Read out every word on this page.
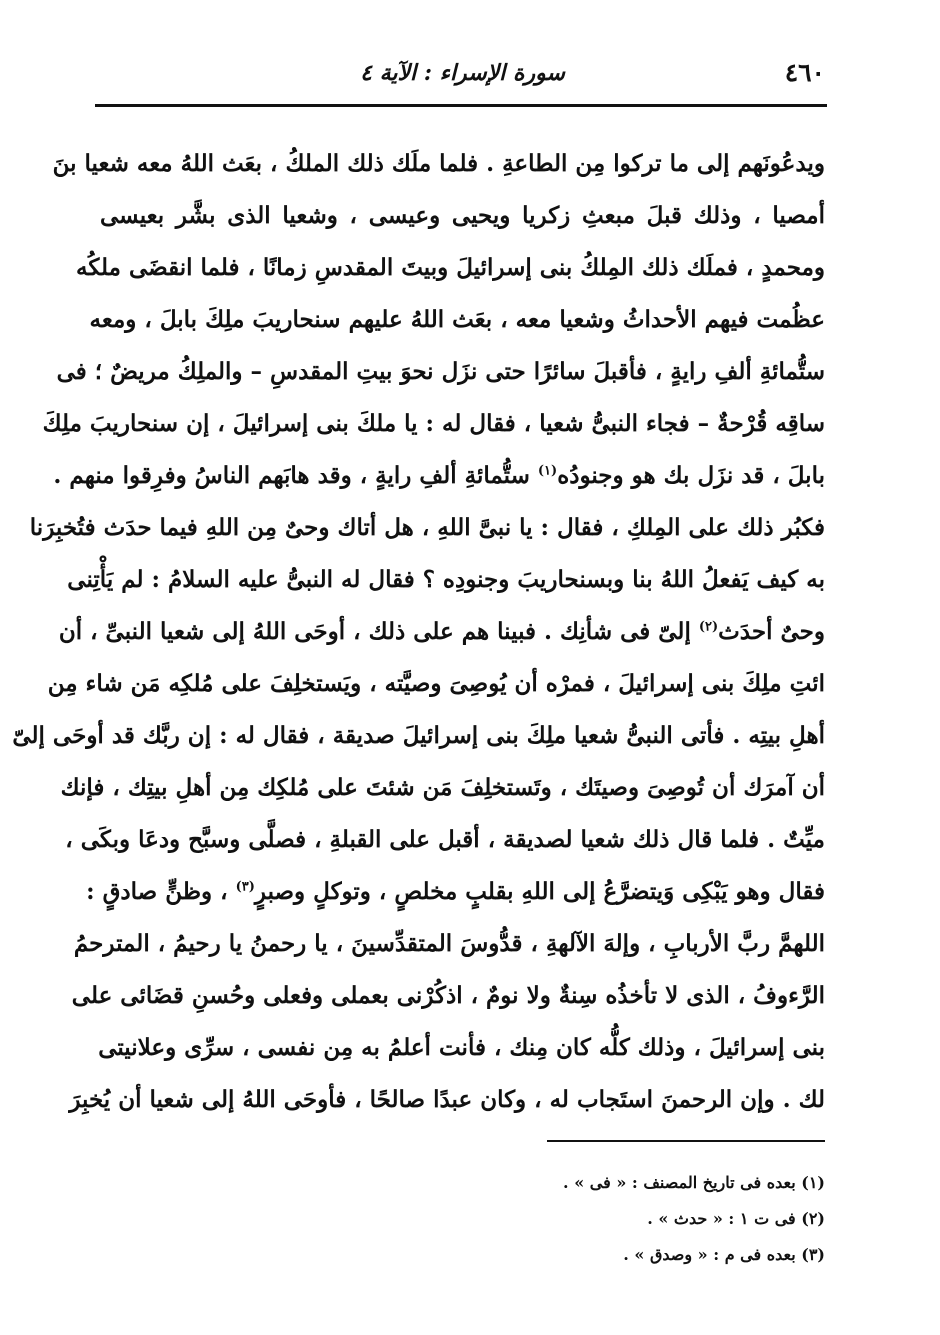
٤٦٠
سورة الإسراء : الآية ٤
ويدعُونَهم إلى ما تركوا مِن الطاعةِ . فلما ملَك ذلك الملكُ ، بعَث اللهُ معه شعيا بنَ
أمصيا ، وذلك قبلَ مبعثِ زكريا ويحيى وعيسى ، وشعيا الذى بشَّر بعيسى
ومحمدٍ ، فملَك ذلك المِلكُ بنى إسرائيلَ وبيتَ المقدسِ زمانًا ، فلما انقضَى ملكُه
عظُمت فيهم الأحداثُ وشعيا معه ، بعَث اللهُ عليهم سنحاريبَ ملِكَ بابلَ ، ومعه
ستُّمائةِ ألفِ رايةٍ ، فأقبلَ سائرًا حتى نزَل نحوَ بيتِ المقدسِ – والملِكُ مريضٌ ؛ فى
ساقِه قُرْحةٌ – فجاء النبىُّ شعيا ، فقال له : يا ملكَ بنى إسرائيلَ ، إن سنحاريبَ ملِكَ
بابلَ ، قد نزَل بك هو وجنودُه$^{(١)}$ ستُّمائةِ ألفِ رايةٍ ، وقد هابَهم الناسُ وفرِقوا منهم .
فكبُر ذلك على المِلكِ ، فقال : يا نبىَّ اللهِ ، هل أتاك وحىٌ مِن اللهِ فيما حدَث فتُخبِرَنا
به كيف يَفعلُ اللهُ بنا وبسنحاريبَ وجنودِه ؟ فقال له النبىُّ عليه السلامُ : لم يَأْتِنى
وحىٌ أحدَث$^{(٢)}$ إلىّ فى شأنِك . فبينا هم على ذلك ، أوحَى اللهُ إلى شعيا النبىِّ ، أن
ائتِ ملِكَ بنى إسرائيلَ ، فمرْه أن يُوصِىَ وصيَّته ، ويَستخلِفَ على مُلكِه مَن شاء مِن
أهلِ بيتِه . فأتى النبىُّ شعيا ملِكَ بنى إسرائيلَ صديقة ، فقال له : إن ربَّك قد أوحَى إلىّ
أن آمرَك أن تُوصِىَ وصيتَك ، وتَستخلِفَ مَن شئتَ على مُلكِك مِن أهلِ بيتِك ، فإنك
ميِّتٌ . فلما قال ذلك شعيا لصديقة ، أقبل على القبلةِ ، فصلَّى وسبَّح ودعَا وبكَى ،
فقال وهو يَبْكِى وَيتضرَّعُ إلى اللهِ بقلبٍ مخلصٍ ، وتوكلٍ وصبرٍ$^{(٣)}$ ، وظنٍّ صادقٍ :
اللهمَّ ربَّ الأربابِ ، وإلهَ الآلهةِ ، قدُّوسَ المتقدِّسينَ ، يا رحمنُ يا رحيمُ ، المترحمُ
الرَّءوفُ ، الذى لا تأخذُه سِنةٌ ولا نومٌ ، اذكُرْنى بعملى وفعلى وحُسنِ قضَائى على
بنى إسرائيلَ ، وذلك كلُّه كان مِنك ، فأنت أعلمُ به مِن نفسى ، سرِّى وعلانيتى
لك . وإن الرحمنَ استَجاب له ، وكان عبدًا صالحًا ، فأوحَى اللهُ إلى شعيا أن يُخبِرَ
(١) بعده فى تاريخ المصنف : « فى » .
(٢) فى ت ١ : « حدث » .
(٣) بعده فى م : « وصدق » .
